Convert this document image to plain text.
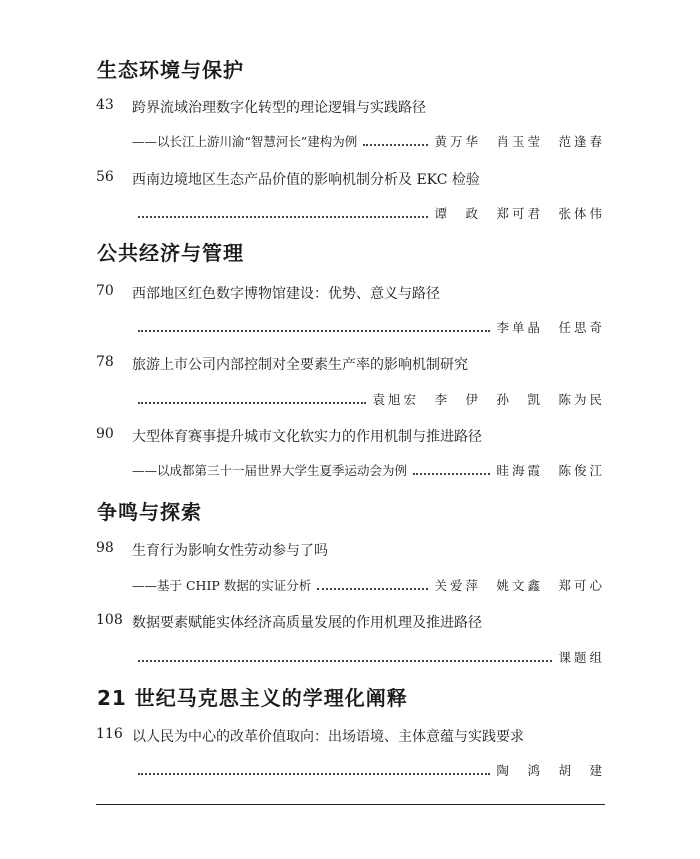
生态环境与保护
43 跨界流域治理数字化转型的理论逻辑与实践路径
——以长江上游川渝“智慧河长”建构为例	黄万华　肖玉莹　范逢春
56 西南边境地区生态产品价值的影响机制分析及 EKC 检验
谭　政　郑可君　张体伟
公共经济与管理
70 西部地区红色数字博物馆建设：优势、意义与路径
李单晶　任思奇
78 旅游上市公司内部控制对全要素生产率的影响机制研究
袁旭宏　李　伊　孙　凯　陈为民
90 大型体育赛事提升城市文化软实力的作用机制与推进路径
——以成都第三十一届世界大学生夏季运动会为例	眭海霞　陈俊江
争鸣与探索
98 生育行为影响女性劳动参与了吗
——基于 CHIP 数据的实证分析	关爱萍　姚文鑫　郑可心
108 数据要素赋能实体经济高质量发展的作用机理及推进路径
课题组
21 世纪马克思主义的学理化阐释
116 以人民为中心的改革价值取向：出场语境、主体意蕴与实践要求
陶　鸿　胡　建
